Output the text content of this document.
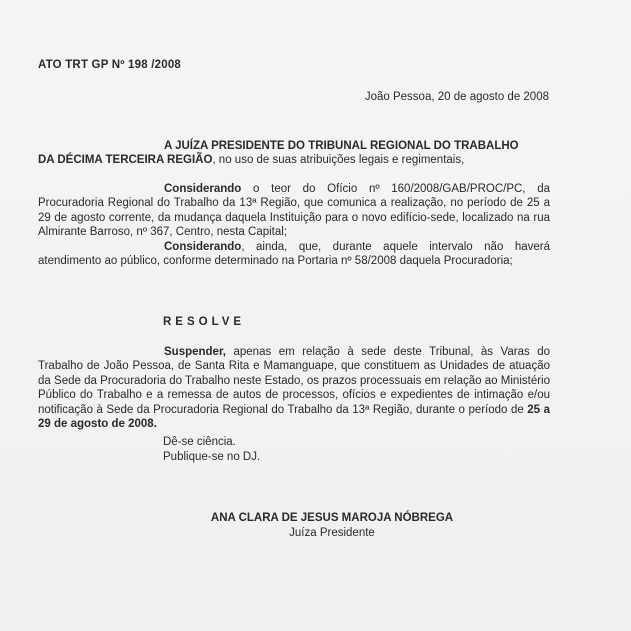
ATO TRT GP Nº 198 /2008
João Pessoa, 20 de agosto de 2008
A JUÍZA PRESIDENTE DO TRIBUNAL REGIONAL DO TRABALHO
DA DÉCIMA TERCEIRA REGIÃO, no uso de suas atribuições legais e regimentais,
Considerando o teor do Ofício nº 160/2008/GAB/PROC/PC, da Procuradoria Regional do Trabalho da 13ª Região, que comunica a realização, no período de 25 a 29 de agosto corrente, da mudança daquela Instituição para o novo edifício-sede, localizado na rua Almirante Barroso, nº 367, Centro, nesta Capital;
Considerando, ainda, que, durante aquele intervalo não haverá atendimento ao público, conforme determinado na Portaria nº 58/2008 daquela Procuradoria;
RESOLVE
Suspender, apenas em relação à sede deste Tribunal, às Varas do Trabalho de João Pessoa, de Santa Rita e Mamanguape, que constituem as Unidades de atuação da Sede da Procuradoria do Trabalho neste Estado, os prazos processuais em relação ao Ministério Público do Trabalho e a remessa de autos de processos, ofícios e expedientes de intimação e/ou notificação à Sede da Procuradoria Regional do Trabalho da 13ª Região, durante o período de 25 a 29 de agosto de 2008.
Dê-se ciência.
Publique-se no DJ.
ANA CLARA DE JESUS MAROJA NÓBREGA
Juíza Presidente
